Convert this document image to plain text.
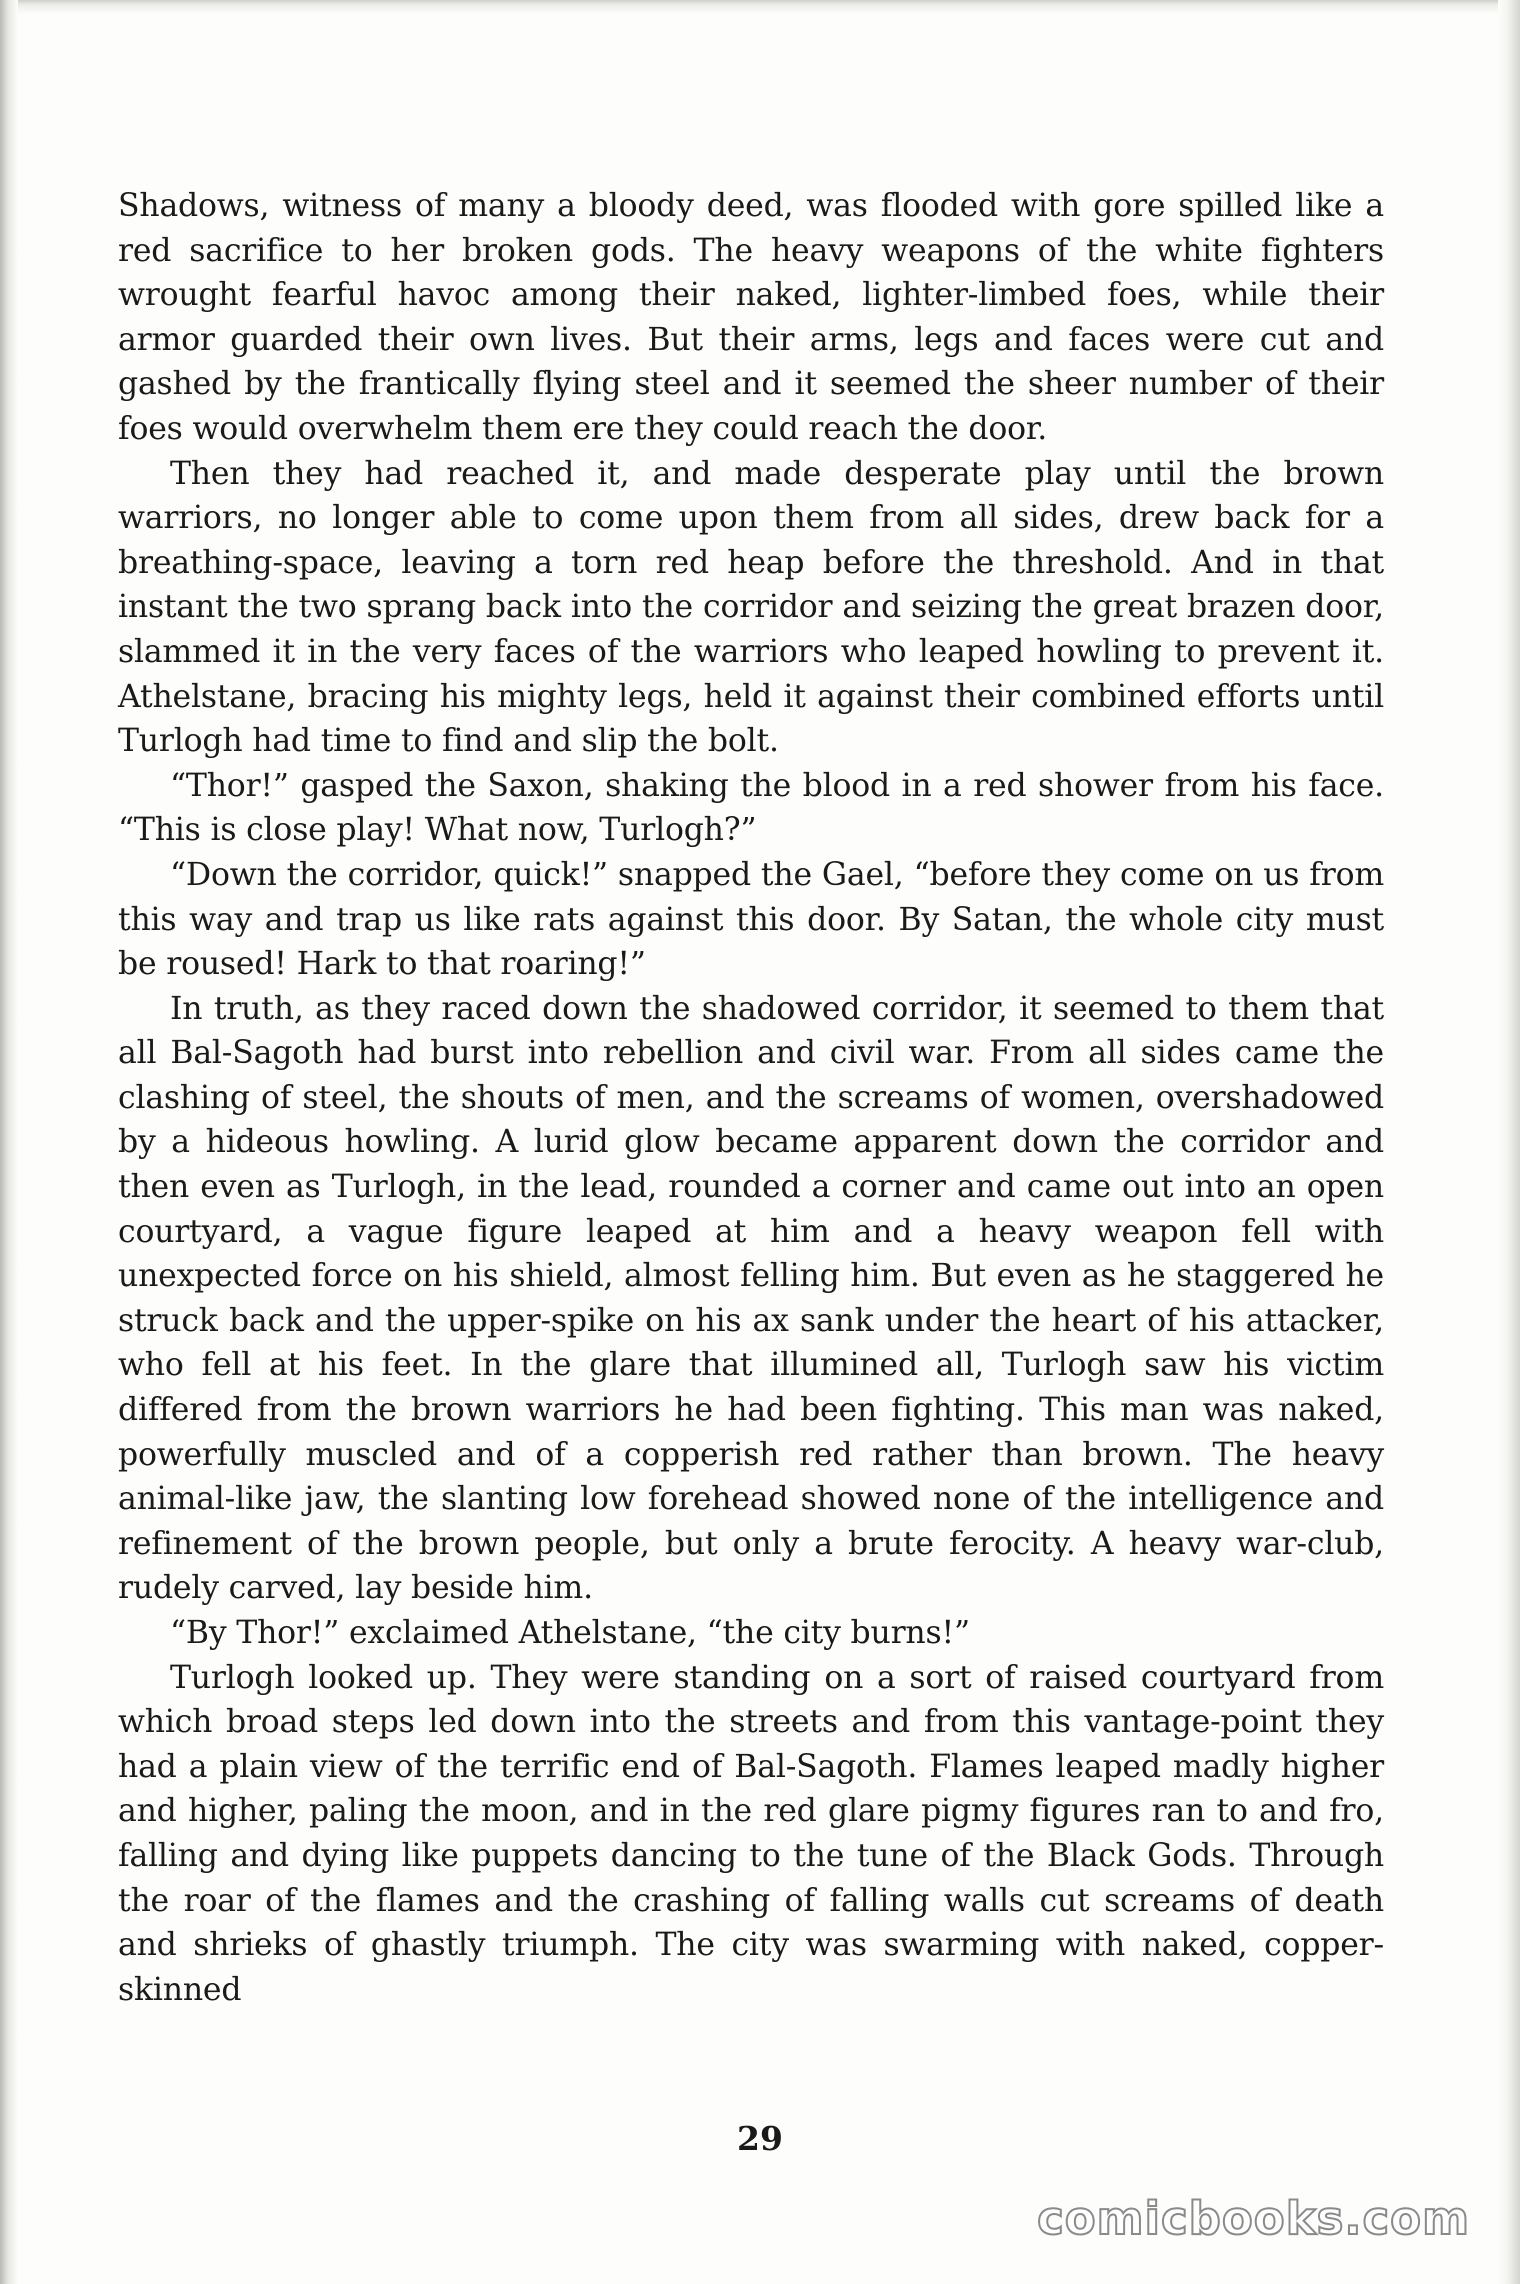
Shadows, witness of many a bloody deed, was flooded with gore spilled like a red sacrifice to her broken gods. The heavy weapons of the white fighters wrought fearful havoc among their naked, lighter-limbed foes, while their armor guarded their own lives. But their arms, legs and faces were cut and gashed by the frantically flying steel and it seemed the sheer number of their foes would overwhelm them ere they could reach the door.

Then they had reached it, and made desperate play until the brown warriors, no longer able to come upon them from all sides, drew back for a breathing-space, leaving a torn red heap before the threshold. And in that instant the two sprang back into the corridor and seizing the great brazen door, slammed it in the very faces of the warriors who leaped howling to prevent it. Athelstane, bracing his mighty legs, held it against their combined efforts until Turlogh had time to find and slip the bolt.

“Thor!” gasped the Saxon, shaking the blood in a red shower from his face. “This is close play! What now, Turlogh?”

“Down the corridor, quick!” snapped the Gael, “before they come on us from this way and trap us like rats against this door. By Satan, the whole city must be roused! Hark to that roaring!”

In truth, as they raced down the shadowed corridor, it seemed to them that all Bal-Sagoth had burst into rebellion and civil war. From all sides came the clashing of steel, the shouts of men, and the screams of women, overshadowed by a hideous howling. A lurid glow became apparent down the corridor and then even as Turlogh, in the lead, rounded a corner and came out into an open courtyard, a vague figure leaped at him and a heavy weapon fell with unexpected force on his shield, almost felling him. But even as he staggered he struck back and the upper-spike on his ax sank under the heart of his attacker, who fell at his feet. In the glare that illumined all, Turlogh saw his victim differed from the brown warriors he had been fighting. This man was naked, powerfully muscled and of a copperish red rather than brown. The heavy animal-like jaw, the slanting low forehead showed none of the intelligence and refinement of the brown people, but only a brute ferocity. A heavy war-club, rudely carved, lay beside him.

“By Thor!” exclaimed Athelstane, “the city burns!”

Turlogh looked up. They were standing on a sort of raised courtyard from which broad steps led down into the streets and from this vantage-point they had a plain view of the terrific end of Bal-Sagoth. Flames leaped madly higher and higher, paling the moon, and in the red glare pigmy figures ran to and fro, falling and dying like puppets dancing to the tune of the Black Gods. Through the roar of the flames and the crashing of falling walls cut screams of death and shrieks of ghastly triumph. The city was swarming with naked, copper-skinned

29
comicbooks.com
